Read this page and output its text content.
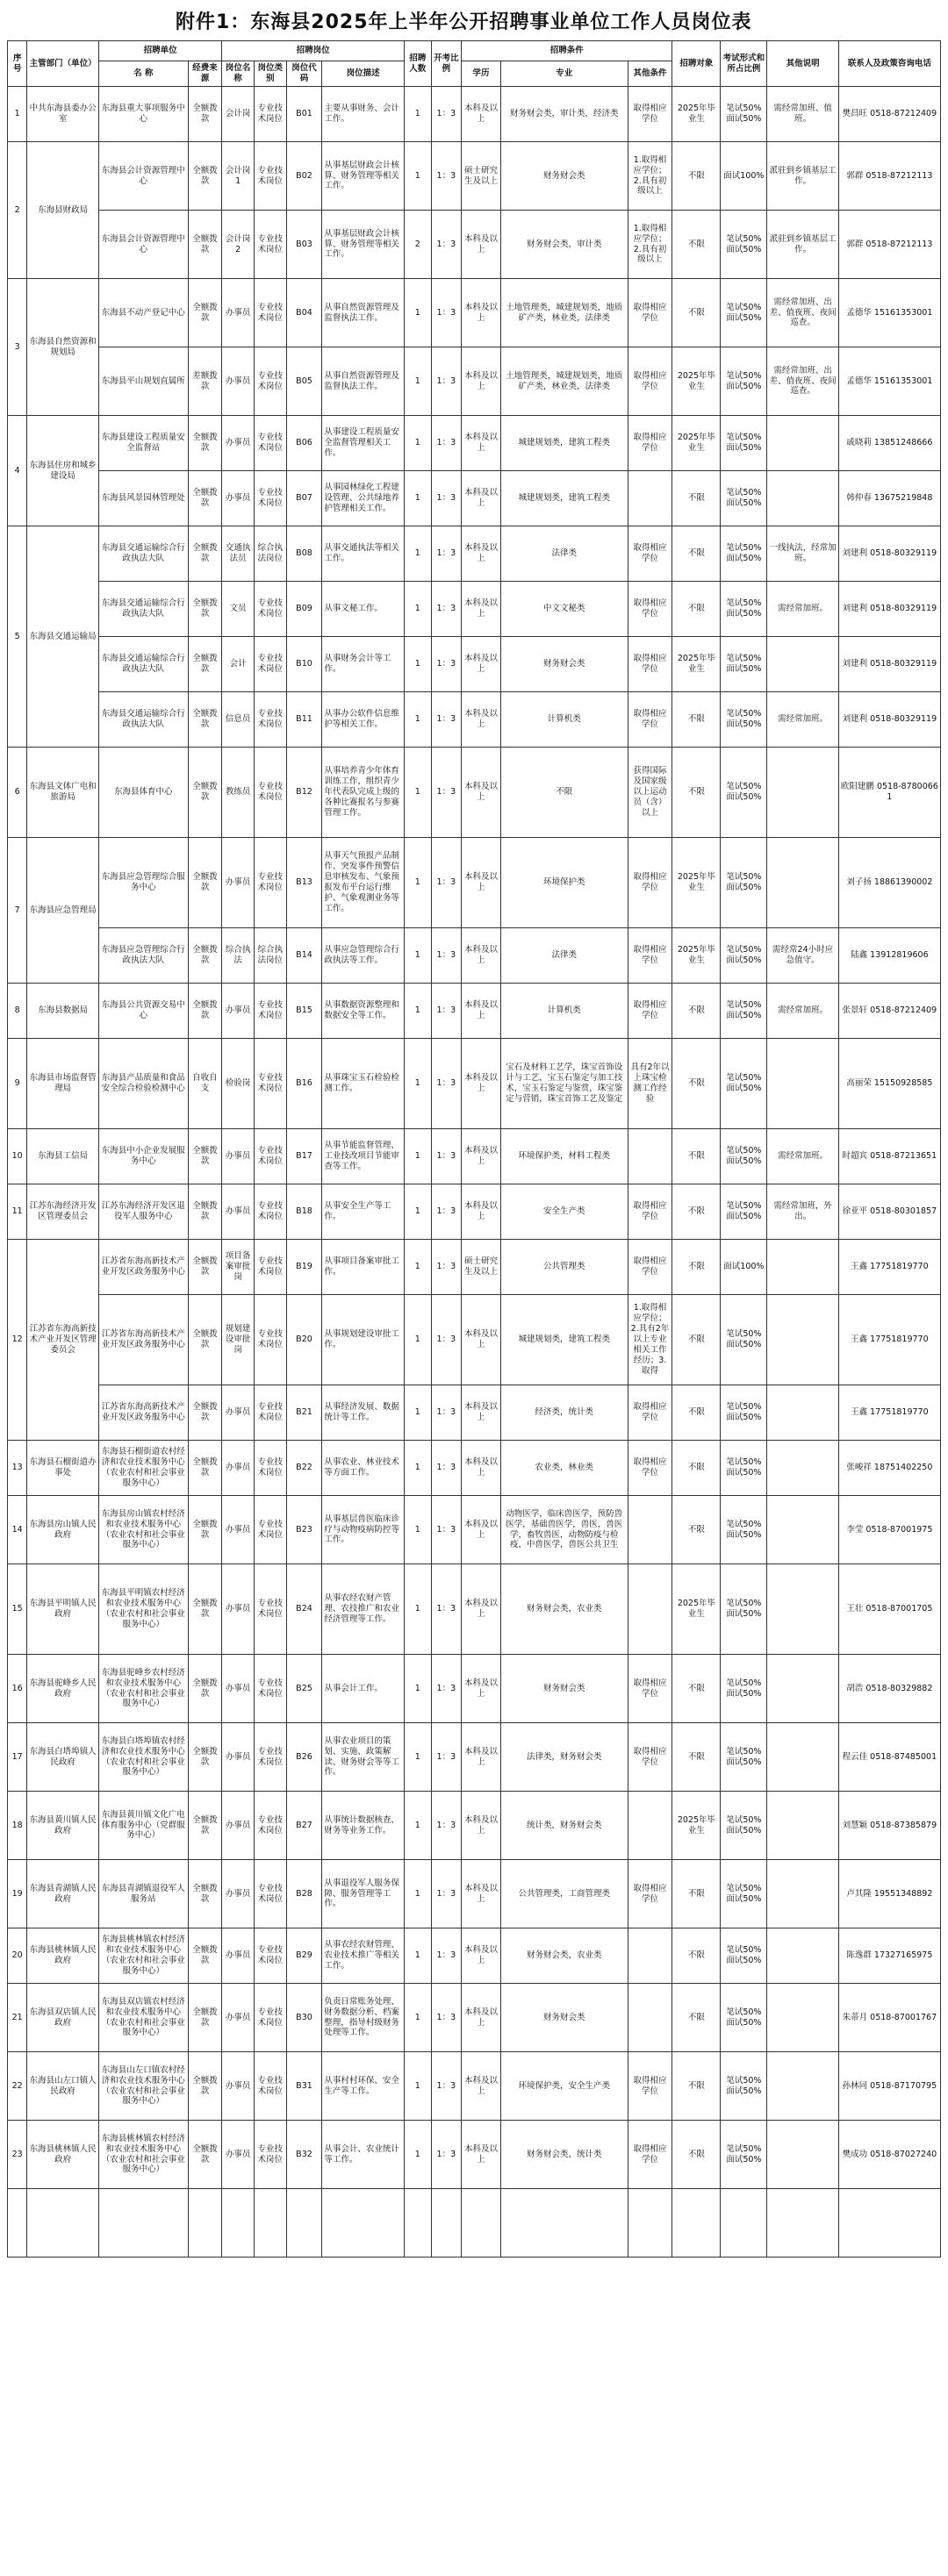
附件1：东海县2025年上半年公开招聘事业单位工作人员岗位表
序号	主管部门（单位）	招聘单位		招聘岗位				招聘人数	开考比例	招聘条件			招聘对象	考试形式和所占比例	其他说明	联系人及政策咨询电话
		名 称	经费来源	岗位名称	岗位类别	岗位代码	岗位描述			学历	专业	其他条件				
1	中共东海县委办公室	东海县重大事项服务中心	全额拨款	会计岗	专业技术岗位	B01	主要从事财务、会计工作。	1	1：3	本科及以上	财务财会类，审计类，经济类	取得相应学位	2025年毕业生	笔试50%面试50%	需经常加班、值班。	樊昌旺 0518-87212409
2	东海县财政局	东海县会计资源管理中心	全额拨款	会计岗1	专业技术岗位	B02	从事基层财政会计核算、财务管理等相关工作。	1	1：3	硕士研究生及以上	财务财会类	1.取得相应学位；2.具有初级以上	不限	面试100%	派驻到乡镇基层工作。	郭群 0518-87212113
		东海县会计资源管理中心	全额拨款	会计岗2	专业技术岗位	B03	从事基层财政会计核算、财务管理等相关工作。	2	1：3	本科及以上	财务财会类，审计类	1.取得相应学位；2.具有初级以上	不限	笔试50%面试50%	派驻到乡镇基层工作。	郭群 0518-87212113
3	东海县自然资源和规划局	东海县不动产登记中心	全额拨款	办事员	专业技术岗位	B04	从事自然资源管理及监督执法工作。	1	1：3	本科及以上	土地管理类，城建规划类，地质矿产类，林业类，法律类	取得相应学位	不限	笔试50%面试50%	需经常加班、出差、值夜班、夜间巡查。	孟德华 15161353001
		东海县平山规划直属所	差额拨款	办事员	专业技术岗位	B05	从事自然资源管理及监督执法工作。	1	1：3	本科及以上	土地管理类，城建规划类，地质矿产类，林业类，法律类	取得相应学位	2025年毕业生	笔试50%面试50%	需经常加班、出差、值夜班、夜间巡查。	孟德华 15161353001
4	东海县住房和城乡建设局	东海县建设工程质量安全监督站	全额拨款	办事员	专业技术岗位	B06	从事建设工程质量安全监督管理相关工作。	1	1：3	本科及以上	城建规划类，建筑工程类	取得相应学位	2025年毕业生	笔试50%面试50%		戚晓莉 13851248666
		东海县风景园林管理处	全额拨款	办事员	专业技术岗位	B07	从事园林绿化工程建设管理、公共绿地养护管理相关工作。	1	1：3	本科及以上	城建规划类，建筑工程类		不限	笔试50%面试50%		韩仲春 13675219848
5	东海县交通运输局	东海县交通运输综合行政执法大队	全额拨款	交通执法员	综合执法岗位	B08	从事交通执法等相关工作。	1	1：3	本科及以上	法律类	取得相应学位	不限	笔试50%面试50%	一线执法，经常加班。	刘建利 0518-80329119
		东海县交通运输综合行政执法大队	全额拨款	文员	专业技术岗位	B09	从事文秘工作。	1	1：3	本科及以上	中文文秘类	取得相应学位	不限	笔试50%面试50%	需经常加班。	刘建利 0518-80329119
		东海县交通运输综合行政执法大队	全额拨款	会计	专业技术岗位	B10	从事财务会计等工作。	1	1：3	本科及以上	财务财会类	取得相应学位	2025年毕业生	笔试50%面试50%		刘建利 0518-80329119
		东海县交通运输综合行政执法大队	全额拨款	信息员	专业技术岗位	B11	从事办公软件信息维护等相关工作。	1	1：3	本科及以上	计算机类	取得相应学位	不限	笔试50%面试50%	需经常加班。	刘建利 0518-80329119
6	东海县文体广电和旅游局	东海县体育中心	全额拨款	教练员	专业技术岗位	B12	从事培养青少年体育训练工作，组织青少年代表队完成上级的各种比赛报名与参赛管理工作。	1	1：3	本科及以上	不限	获得国际及国家级以上运动员（含）以上	不限	笔试50%面试50%		欧阳建鹏 0518-87800661
7	东海县应急管理局	东海县应急管理综合服务中心	全额拨款	办事员	专业技术岗位	B13	从事天气预报产品制作、突发事件预警信息审核发布、气象预报发布平台运行维护、气象观测业务等工作。	1	1：3	本科及以上	环境保护类	取得相应学位	2025年毕业生	笔试50%面试50%		刘子扬 18861390002
		东海县应急管理综合行政执法大队	全额拨款	综合执法	综合执法岗位	B14	从事应急管理综合行政执法等工作。	1	1：3	本科及以上	法律类	取得相应学位	2025年毕业生	笔试50%面试50%	需经常24小时应急值守。	陆鑫 13912819606
8	东海县数据局	东海县公共资源交易中心	全额拨款	办事员	专业技术岗位	B15	从事数据资源整理和数据安全等工作。	1	1：3	本科及以上	计算机类	取得相应学位	不限	笔试50%面试50%	需经常加班。	张景轩 0518-87212409
9	东海县市场监督管理局	东海县产品质量和食品安全综合检验检测中心	自收自支	检验岗	专业技术岗位	B16	从事珠宝玉石检验检测工作。	1	1：3	本科及以上	宝石及材料工艺学，珠宝首饰设计与工艺，宝玉石鉴定与加工技术，宝玉石鉴定与鉴赏，珠宝鉴定与营销，珠宝首饰工艺及鉴定	具有2年以上珠宝检测工作经验	不限	笔试50%面试50%		高丽荣 15150928585
10	东海县工信局	东海县中小企业发展服务中心	全额拨款	办事员	专业技术岗位	B17	从事节能监督管理、工业技改项目节能审查等工作。	1	1：3	本科及以上	环境保护类，材料工程类		不限	笔试50%面试50%	需经常加班。	时超宾 0518-87213651
11	江苏东海经济开发区管理委员会	江苏东海经济开发区退役军人服务中心	全额拨款	办事员	专业技术岗位	B18	从事安全生产等工作。	1	1：3	本科及以上	安全生产类	取得相应学位	不限	笔试50%面试50%	需经常加班，外出。	徐亚平 0518-80301857
12	江苏省东海高新技术产业开发区管理委员会	江苏省东海高新技术产业开发区政务服务中心	全额拨款	项目备案审批岗	专业技术岗位	B19	从事项目备案审批工作。	1	1：3	硕士研究生及以上	公共管理类	取得相应学位	不限	面试100%		王鑫 17751819770
		江苏省东海高新技术产业开发区政务服务中心	全额拨款	规划建设审批岗	专业技术岗位	B20	从事规划建设审批工作。	1	1：3	本科及以上	城建规划类，建筑工程类	1.取得相应学位；2.具有2年以上专业相关工作经历；3.取得	不限	笔试50%面试50%		王鑫 17751819770
		江苏省东海高新技术产业开发区政务服务中心	全额拨款	办事员	专业技术岗位	B21	从事经济发展、数据统计等工作。	1	1：3	本科及以上	经济类，统计类	取得相应学位	不限	笔试50%面试50%		王鑫 17751819770
13	东海县石榴街道办事处	东海县石榴街道农村经济和农业技术服务中心（农业农村和社会事业服务中心）	全额拨款	办事员	专业技术岗位	B22	从事农业、林业技术等方面工作。	1	1：3	本科及以上	农业类，林业类	取得相应学位	不限	笔试50%面试50%		张峻祥 18751402250
14	东海县房山镇人民政府	东海县房山镇农村经济和农业技术服务中心（农业农村和社会事业服务中心）	全额拨款	办事员	专业技术岗位	B23	从事基层兽医临床诊疗与动物疫病防控等工作。	1	1：3	本科及以上	动物医学，临床兽医学，预防兽医学，基础兽医学，兽医，兽医学，畜牧兽医，动物防疫与检疫，中兽医学，兽医公共卫生		不限	笔试50%面试50%		李莹 0518-87001975
15	东海县平明镇人民政府	东海县平明镇农村经济和农业技术服务中心（农业农村和社会事业服务中心）	全额拨款	办事员	专业技术岗位	B24	从事农经农财产管理、农技推广和农业经济管理等工作。	1	1：3	本科及以上	财务财会类，农业类		2025年毕业生	笔试50%面试50%		王壮 0518-87001705
16	东海县驼峰乡人民政府	东海县驼峰乡农村经济和农业技术服务中心（农业农村和社会事业服务中心）	全额拨款	办事员	专业技术岗位	B25	从事会计工作。	1	1：3	本科及以上	财务财会类	取得相应学位	不限	笔试50%面试50%		胡浩 0518-80329882
17	东海县白塔埠镇人民政府	东海县白塔埠镇农村经济和农业技术服务中心（农业农村和社会事业服务中心）	全额拨款	办事员	专业技术岗位	B26	从事农业项目的策划、实施、政策解读、财务财会等等工作。	1	1：3	本科及以上	法律类，财务财会类	取得相应学位	不限	笔试50%面试50%		程云佳 0518-87485001
18	东海县黄川镇人民政府	东海县黄川镇文化广电体育服务中心（党群服务中心）	全额拨款	办事员	专业技术岗位	B27	从事统计数据核查、财务等业务工作。	1	1：3	本科及以上	统计类，财务财会类		2025年毕业生	笔试50%面试50%		刘慧颖 0518-87385879
19	东海县青湖镇人民政府	东海县青湖镇退役军人服务站	全额拨款	办事员	专业技术岗位	B28	从事退役军人服务保障、服务管理等工作。	1	1：3	本科及以上	公共管理类，工商管理类	取得相应学位	不限	笔试50%面试50%		卢其隆 19551348892
20	东海县桃林镇人民政府	东海县桃林镇农村经济和农业技术服务中心（农业农村和社会事业服务中心）	全额拨款	办事员	专业技术岗位	B29	从事农经农财管理、农业技术推广等相关工作。	1	1：3	本科及以上	财务财会类，农业类		不限	笔试50%面试50%		陈逸群 17327165975
21	东海县双店镇人民政府	东海县双店镇农村经济和农业技术服务中心（农业农村和社会事业服务中心）	全额拨款	办事员	专业技术岗位	B30	负责日常账务处理、财务数据分析、档案整理，指导村级财务处理等工作。	1	1：3	本科及以上	财务财会类		不限	笔试50%面试50%		朱蒂月 0518-87001767
22	东海县山左口镇人民政府	东海县山左口镇农村经济和农业技术服务中心（农业农村和社会事业服务中心）	全额拨款	办事员	专业技术岗位	B31	从事村村环保、安全生产等工作。	1	1：3	本科及以上	环境保护类，安全生产类	取得相应学位	不限	笔试50%面试50%		孙林同 0518-87170795
23	东海县桃林镇人民政府	东海县桃林镇农村经济和农业技术服务中心（农业农村和社会事业服务中心）	全额拨款	办事员	专业技术岗位	B32	从事会计、农业统计等工作。	1	1：3	本科及以上	财务财会类，统计类	取得相应学位	不限	笔试50%面试50%		樊成功 0518-87027240
